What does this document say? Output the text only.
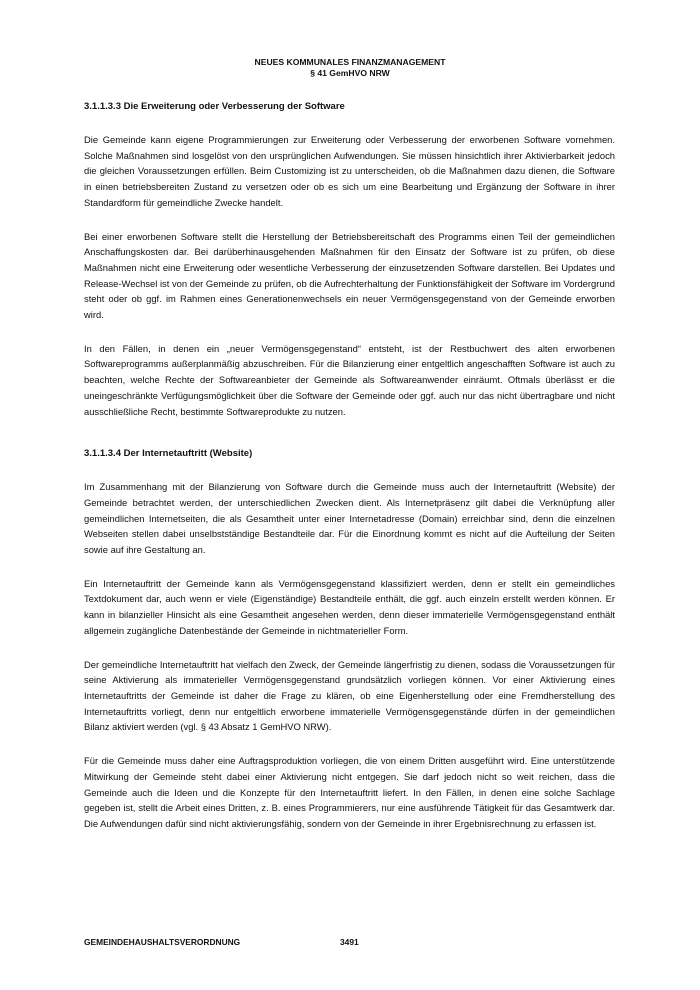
NEUES KOMMUNALES FINANZMANAGEMENT
§ 41 GemHVO NRW
3.1.1.3.3 Die Erweiterung oder Verbesserung der Software

Die Gemeinde kann eigene Programmierungen zur Erweiterung oder Verbesserung der erworbenen Software vornehmen. Solche Maßnahmen sind losgelöst von den ursprünglichen Aufwendungen. Sie müssen hinsichtlich ihrer Aktivierbarkeit jedoch die gleichen Voraussetzungen erfüllen. Beim Customizing ist zu unterscheiden, ob die Maßnahmen dazu dienen, die Software in einen betriebsbereiten Zustand zu versetzen oder ob es sich um eine Bearbeitung und Ergänzung der Software in ihrer Standardform für gemeindliche Zwecke handelt.

Bei einer erworbenen Software stellt die Herstellung der Betriebsbereitschaft des Programms einen Teil der gemeindlichen Anschaffungskosten dar. Bei darüberhinausgehenden Maßnahmen für den Einsatz der Software ist zu prüfen, ob diese Maßnahmen nicht eine Erweiterung oder wesentliche Verbesserung der einzusetzenden Software darstellen. Bei Updates und Release-Wechsel ist von der Gemeinde zu prüfen, ob die Aufrechterhaltung der Funktionsfähigkeit der Software im Vordergrund steht oder ob ggf. im Rahmen eines Generationenwechsels ein neuer Vermögensgegenstand von der Gemeinde erworben wird.

In den Fällen, in denen ein „neuer Vermögensgegenstand“ entsteht, ist der Restbuchwert des alten erworbenen Softwareprogramms außerplanmäßig abzuschreiben. Für die Bilanzierung einer entgeltlich angeschafften Software ist auch zu beachten, welche Rechte der Softwareanbieter der Gemeinde als Softwareanwender einräumt. Oftmals überlässt er die uneingeschränkte Verfügungsmöglichkeit über die Software der Gemeinde oder ggf. auch nur das nicht übertragbare und nicht ausschließliche Recht, bestimmte Softwareprodukte zu nutzen.

3.1.1.3.4 Der Internetauftritt (Website)

Im Zusammenhang mit der Bilanzierung von Software durch die Gemeinde muss auch der Internetauftritt (Website) der Gemeinde betrachtet werden, der unterschiedlichen Zwecken dient. Als Internetpräsenz gilt dabei die Verknüpfung aller gemeindlichen Internetseiten, die als Gesamtheit unter einer Internetadresse (Domain) erreichbar sind, denn die einzelnen Webseiten stellen dabei unselbstständige Bestandteile dar. Für die Einordnung kommt es nicht auf die Aufteilung der Seiten sowie auf ihre Gestaltung an.

Ein Internetauftritt der Gemeinde kann als Vermögensgegenstand klassifiziert werden, denn er stellt ein gemeindliches Textdokument dar, auch wenn er viele (Eigenständige) Bestandteile enthält, die ggf. auch einzeln erstellt werden können. Er kann in bilanzieller Hinsicht als eine Gesamtheit angesehen werden, denn dieser immaterielle Vermögensgegenstand enthält allgemein zugängliche Datenbestände der Gemeinde in nichtmaterieller Form.

Der gemeindliche Internetauftritt hat vielfach den Zweck, der Gemeinde längerfristig zu dienen, sodass die Voraussetzungen für seine Aktivierung als immaterieller Vermögensgegenstand grundsätzlich vorliegen können. Vor einer Aktivierung eines Internetauftritts der Gemeinde ist daher die Frage zu klären, ob eine Eigenherstellung oder eine Fremdherstellung des Internetauftritts vorliegt, denn nur entgeltlich erworbene immaterielle Vermögensgegenstände dürfen in der gemeindlichen Bilanz aktiviert werden (vgl. § 43 Absatz 1 GemHVO NRW).

Für die Gemeinde muss daher eine Auftragsproduktion vorliegen, die von einem Dritten ausgeführt wird. Eine unterstützende Mitwirkung der Gemeinde steht dabei einer Aktivierung nicht entgegen. Sie darf jedoch nicht so weit reichen, dass die Gemeinde auch die Ideen und die Konzepte für den Internetauftritt liefert. In den Fällen, in denen eine solche Sachlage gegeben ist, stellt die Arbeit eines Dritten, z. B. eines Programmierers, nur eine ausführende Tätigkeit für das Gesamtwerk dar. Die Aufwendungen dafür sind nicht aktivierungsfähig, sondern von der Gemeinde in ihrer Ergebnisrechnung zu erfassen ist.

GEMEINDEHAUSHALTSVERORDNUNG	3491
